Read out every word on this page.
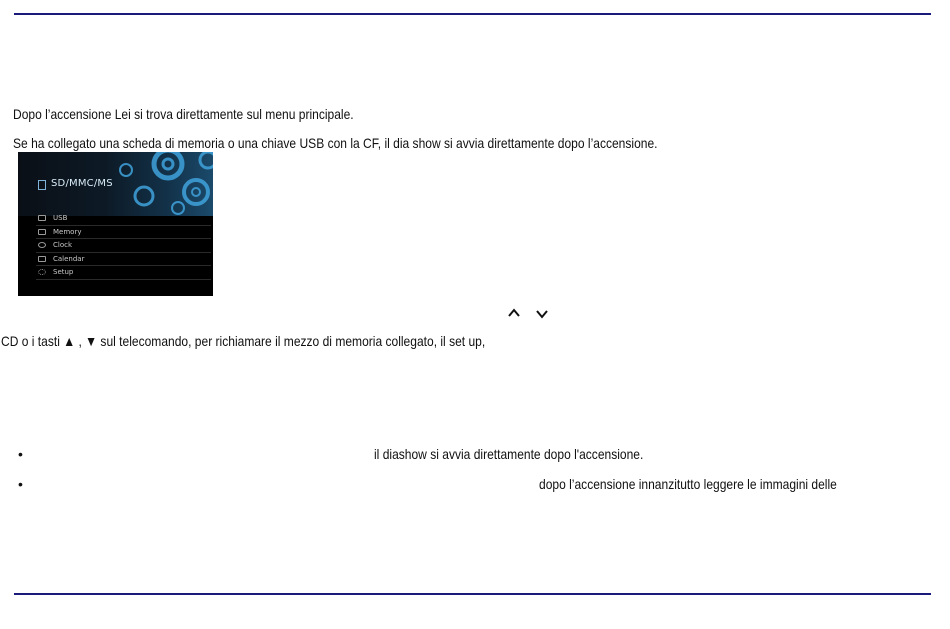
Dopo l’accensione Lei si trova direttamente sul menu principale.
Se ha collegato una scheda di memoria o una chiave USB con la CF, il dia show si avvia direttamente dopo l’accensione.
SD/MMC/MS
USB
Memory
Clock
Calendar
Setup
CD o i tasti ▲ , ▼ sul telecomando, per richiamare il mezzo di memoria collegato, il set up,
•	il diashow si avvia direttamente dopo l'accensione.
•	dopo l’accensione innanzitutto leggere le immagini delle
